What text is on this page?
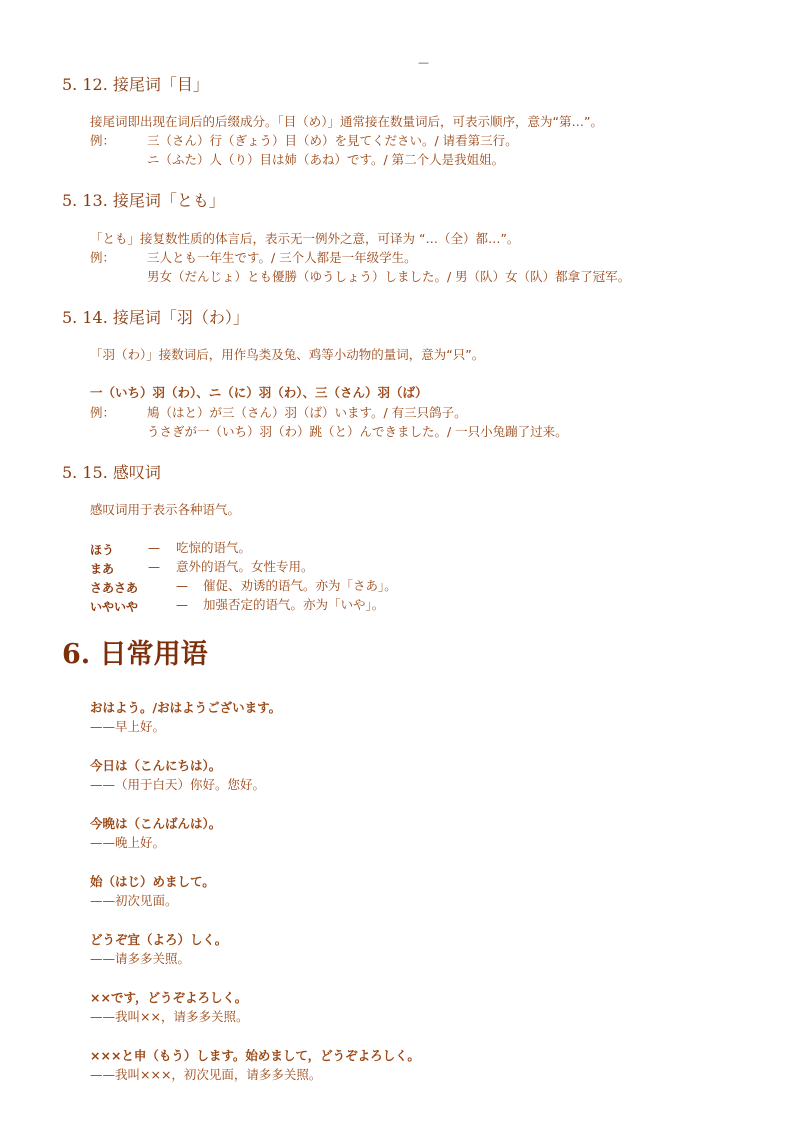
—
5. 12. 接尾词「目」
接尾词即出现在词后的后缀成分。「目（め）」通常接在数量词后，可表示顺序，意为“第…”。
例：	三（さん）行（ぎょう）目（め）を見てください。/ 请看第三行。
ニ（ふた）人（り）目は姉（あね）です。/ 第二个人是我姐姐。
5. 13. 接尾词「とも」
「とも」接复数性质的体言后，表示无一例外之意，可译为 “…（全）都…”。
例：	三人とも一年生です。/ 三个人都是一年级学生。
男女（だんじょ）とも優勝（ゆうしょう）しました。/ 男（队）女（队）都拿了冠军。
5. 14. 接尾词「羽（わ）」
「羽（わ）」接数词后，用作鸟类及兔、鸡等小动物的量词，意为“只”。
一（いち）羽（わ）、ニ（に）羽（わ）、三（さん）羽（ば）
例：	鳩（はと）が三（さん）羽（ば）います。/ 有三只鸽子。
うさぎが一（いち）羽（わ）跳（と）んできました。/ 一只小兔蹦了过来。
5. 15. 感叹词
感叹词用于表示各种语气。
ほう	— 吃惊的语气。
まあ	— 意外的语气。女性专用。
さあさあ	— 催促、劝诱的语气。亦为「さあ」。
いやいや	— 加强否定的语气。亦为「いや」。
6. 日常用语
おはよう。/おはようございます。
——早上好。
今日は（こんにちは）。
——（用于白天）你好。您好。
今晩は（こんばんは）。
——晚上好。
始（はじ）めまして。
——初次见面。
どうぞ宜（よろ）しく。
——请多多关照。
××です，どうぞよろしく。
——我叫××，请多多关照。
×××と申（もう）します。始めまして，どうぞよろしく。
——我叫×××，初次见面，请多多关照。
